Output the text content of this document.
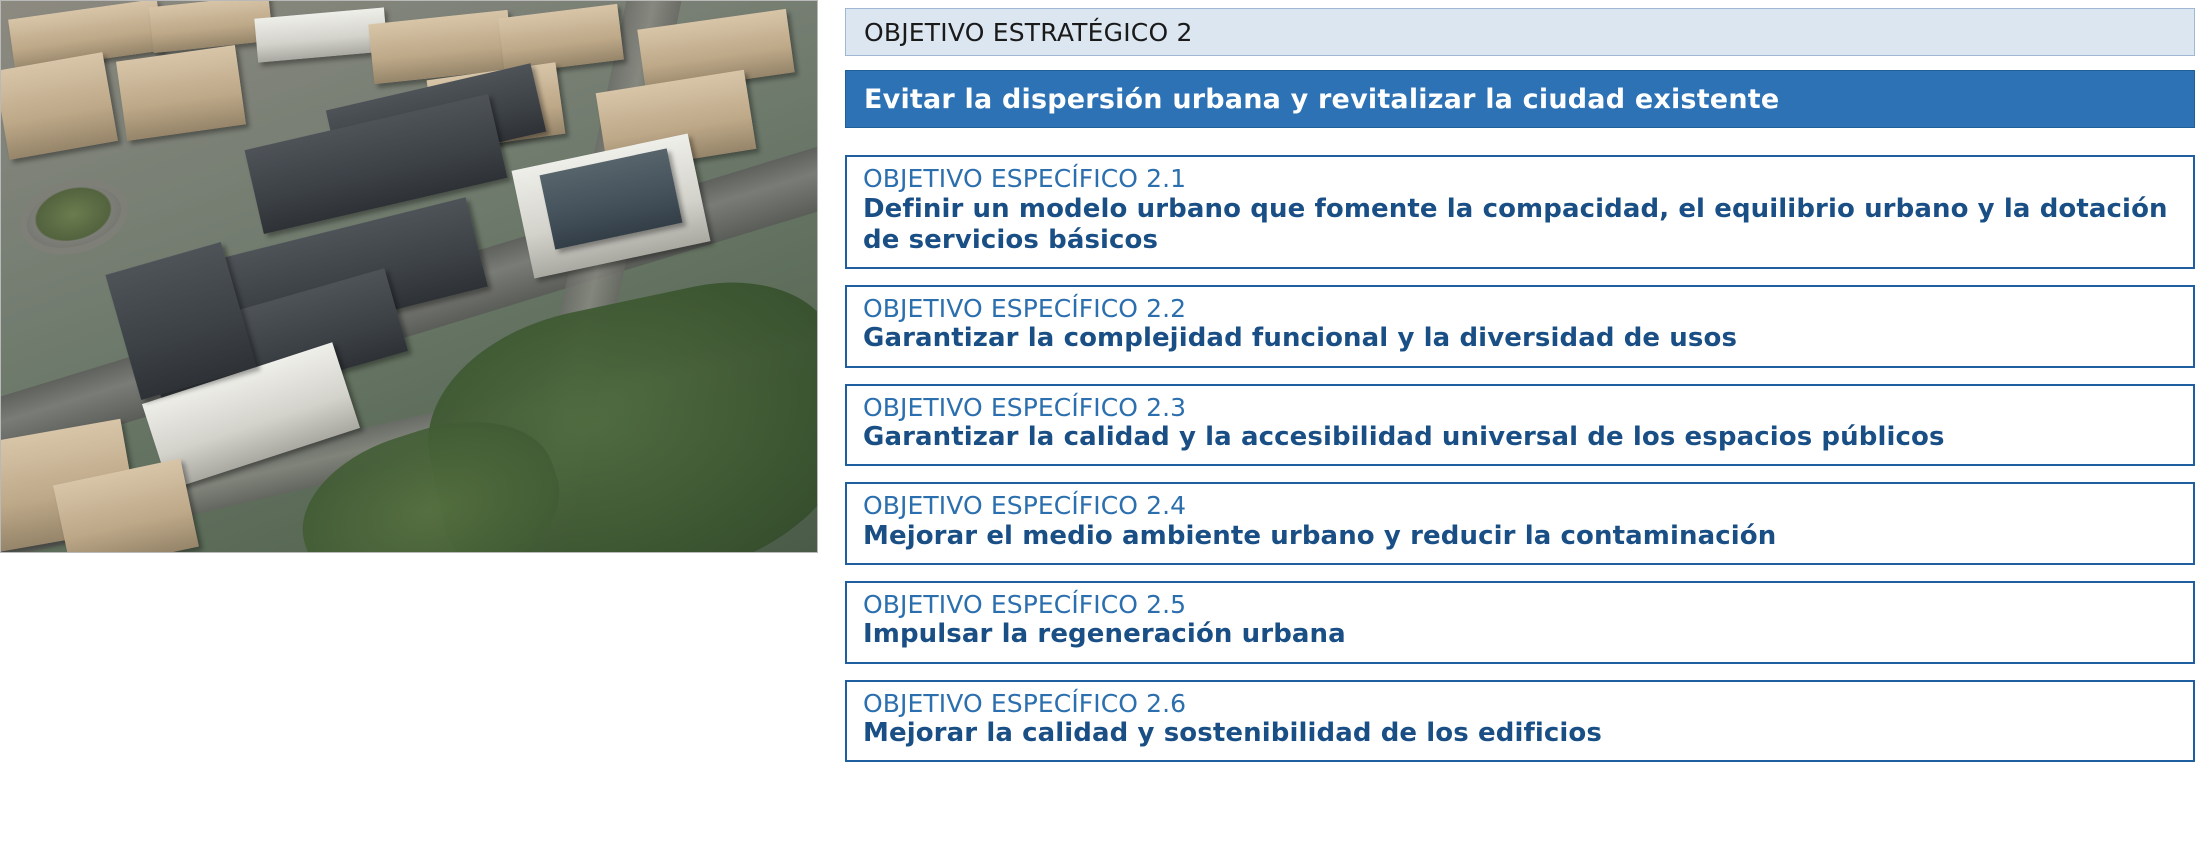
OBJETIVO ESTRATÉGICO 2
Evitar la dispersión urbana y revitalizar la ciudad existente
OBJETIVO ESPECÍFICO 2.1
Definir un modelo urbano que fomente la compacidad, el equilibrio urbano y la dotación de servicios básicos
OBJETIVO ESPECÍFICO 2.2
Garantizar la complejidad funcional y la diversidad de usos
OBJETIVO ESPECÍFICO 2.3
Garantizar la calidad y la accesibilidad universal de los espacios públicos
OBJETIVO ESPECÍFICO 2.4
Mejorar el medio ambiente urbano y reducir la contaminación
OBJETIVO ESPECÍFICO 2.5
Impulsar la regeneración urbana
OBJETIVO ESPECÍFICO 2.6
Mejorar la calidad y sostenibilidad de los edificios
